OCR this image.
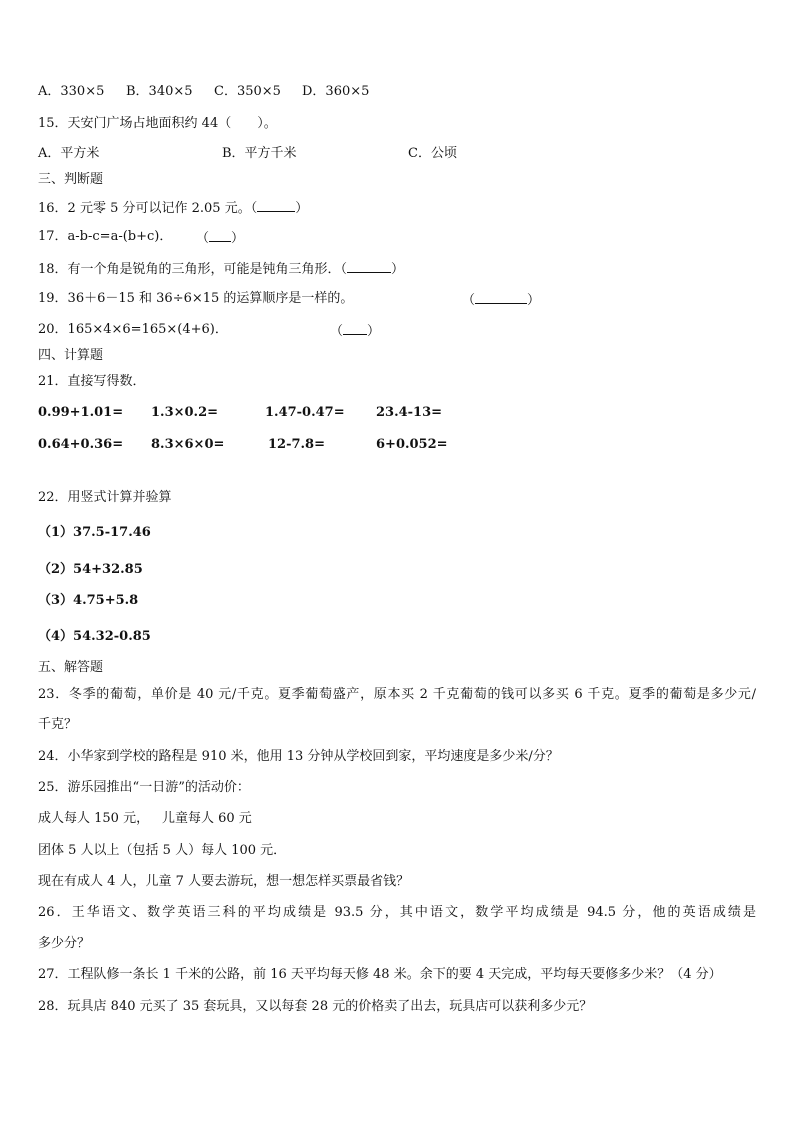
A．330×5 B．340×5 C．350×5 D．360×5
15．天安门广场占地面积约 44（　　）。
A．平方米	B．平方千米	C．公顷
三、判断题
16．2 元零 5 分可以记作 2.05 元。（	）
17．a-b-c=a-(b+c)． （ ）
18．有一个角是锐角的三角形，可能是钝角三角形．（	）
19．36＋6－15 和 36÷6×15 的运算顺序是一样的。	（	）
20．165×4×6=165×(4+6)．	（ ）
四、计算题
21．直接写得数．
0.99+1.01= 1.3×0.2=	1.47-0.47= 23.4-13=
0.64+0.36= 8.3×6×0=	12-7.8=	6+0.052=
22．用竖式计算并验算
（1）37.5-17.46
（2）54+32.85
（3）4.75+5.8
（4）54.32-0.85
五、解答题
23．冬季的葡萄，单价是 40 元/千克。夏季葡萄盛产，原本买 2 千克葡萄的钱可以多买 6 千克。夏季的葡萄是多少元/
千克？
24．小华家到学校的路程是 910 米，他用 13 分钟从学校回到家，平均速度是多少米/分？
25．游乐园推出“一日游”的活动价：
成人每人 150 元， 儿童每人 60 元
团体 5 人以上（包括 5 人）每人 100 元．
现在有成人 4 人，儿童 7 人要去游玩，想一想怎样买票最省钱？
26．王华语文、数学英语三科的平均成绩是 93.5 分，其中语文，数学平均成绩是 94.5 分，他的英语成绩是
多少分？
27．工程队修一条长 1 千米的公路，前 16 天平均每天修 48 米。余下的要 4 天完成，平均每天要修多少米？（4 分）
28．玩具店 840 元买了 35 套玩具，又以每套 28 元的价格卖了出去，玩具店可以获利多少元？
